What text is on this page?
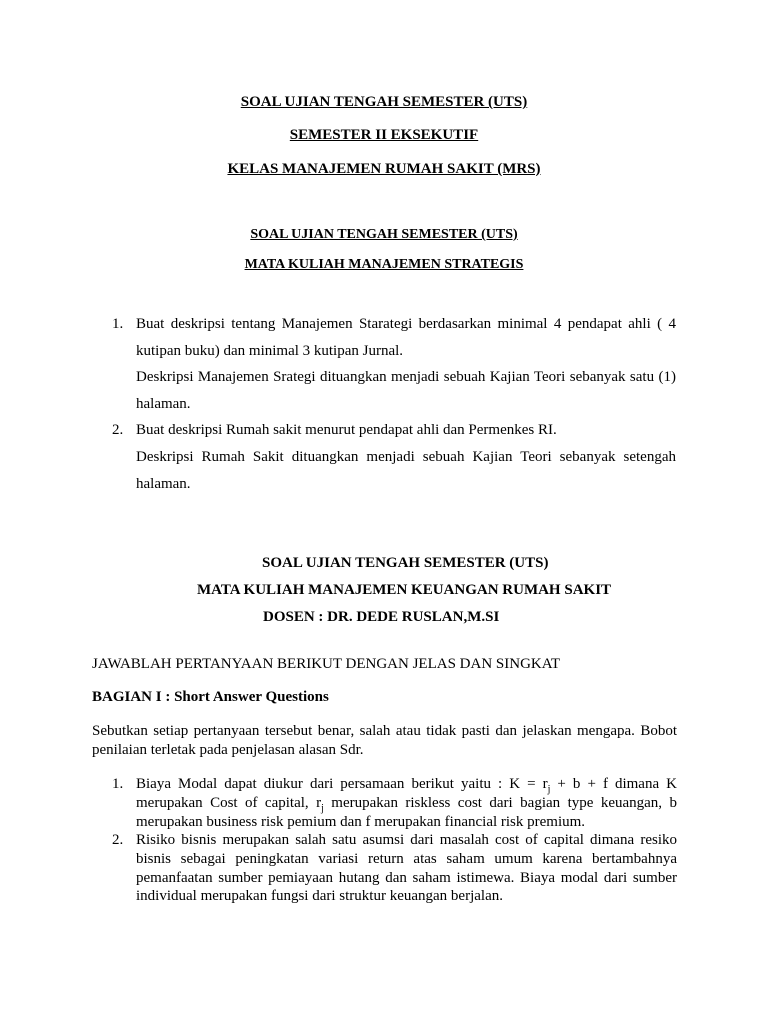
SOAL UJIAN TENGAH SEMESTER (UTS)
SEMESTER II EKSEKUTIF
KELAS MANAJEMEN RUMAH SAKIT (MRS)
SOAL UJIAN TENGAH SEMESTER (UTS)
MATA KULIAH MANAJEMEN STRATEGIS
1. Buat deskripsi tentang Manajemen Starategi berdasarkan minimal 4 pendapat ahli ( 4
kutipan buku) dan minimal 3 kutipan Jurnal.
Deskripsi Manajemen Srategi dituangkan menjadi sebuah Kajian Teori sebanyak satu (1)
halaman.
2. Buat deskripsi Rumah sakit menurut pendapat ahli dan Permenkes RI.
Deskripsi Rumah Sakit dituangkan menjadi sebuah Kajian Teori sebanyak setengah
halaman.
SOAL UJIAN TENGAH SEMESTER (UTS)
MATA KULIAH MANAJEMEN KEUANGAN RUMAH SAKIT
DOSEN : DR. DEDE RUSLAN,M.SI
JAWABLAH PERTANYAAN BERIKUT DENGAN JELAS DAN SINGKAT
BAGIAN I : Short Answer Questions
Sebutkan setiap pertanyaan tersebut benar, salah atau tidak pasti dan jelaskan mengapa. Bobot
penilaian terletak pada penjelasan alasan Sdr.
1. Biaya Modal dapat diukur dari persamaan berikut yaitu : $K = r_j + b + f$ dimana K
merupakan Cost of capital, $r_j$ merupakan riskless cost dari bagian type keuangan, b
merupakan business risk pemium dan f merupakan financial risk premium.
2. Risiko bisnis merupakan salah satu asumsi dari masalah cost of capital dimana resiko
bisnis sebagai peningkatan variasi return atas saham umum karena bertambahnya
pemanfaatan sumber pemiayaan hutang dan saham istimewa. Biaya modal dari sumber
individual merupakan fungsi dari struktur keuangan berjalan.
